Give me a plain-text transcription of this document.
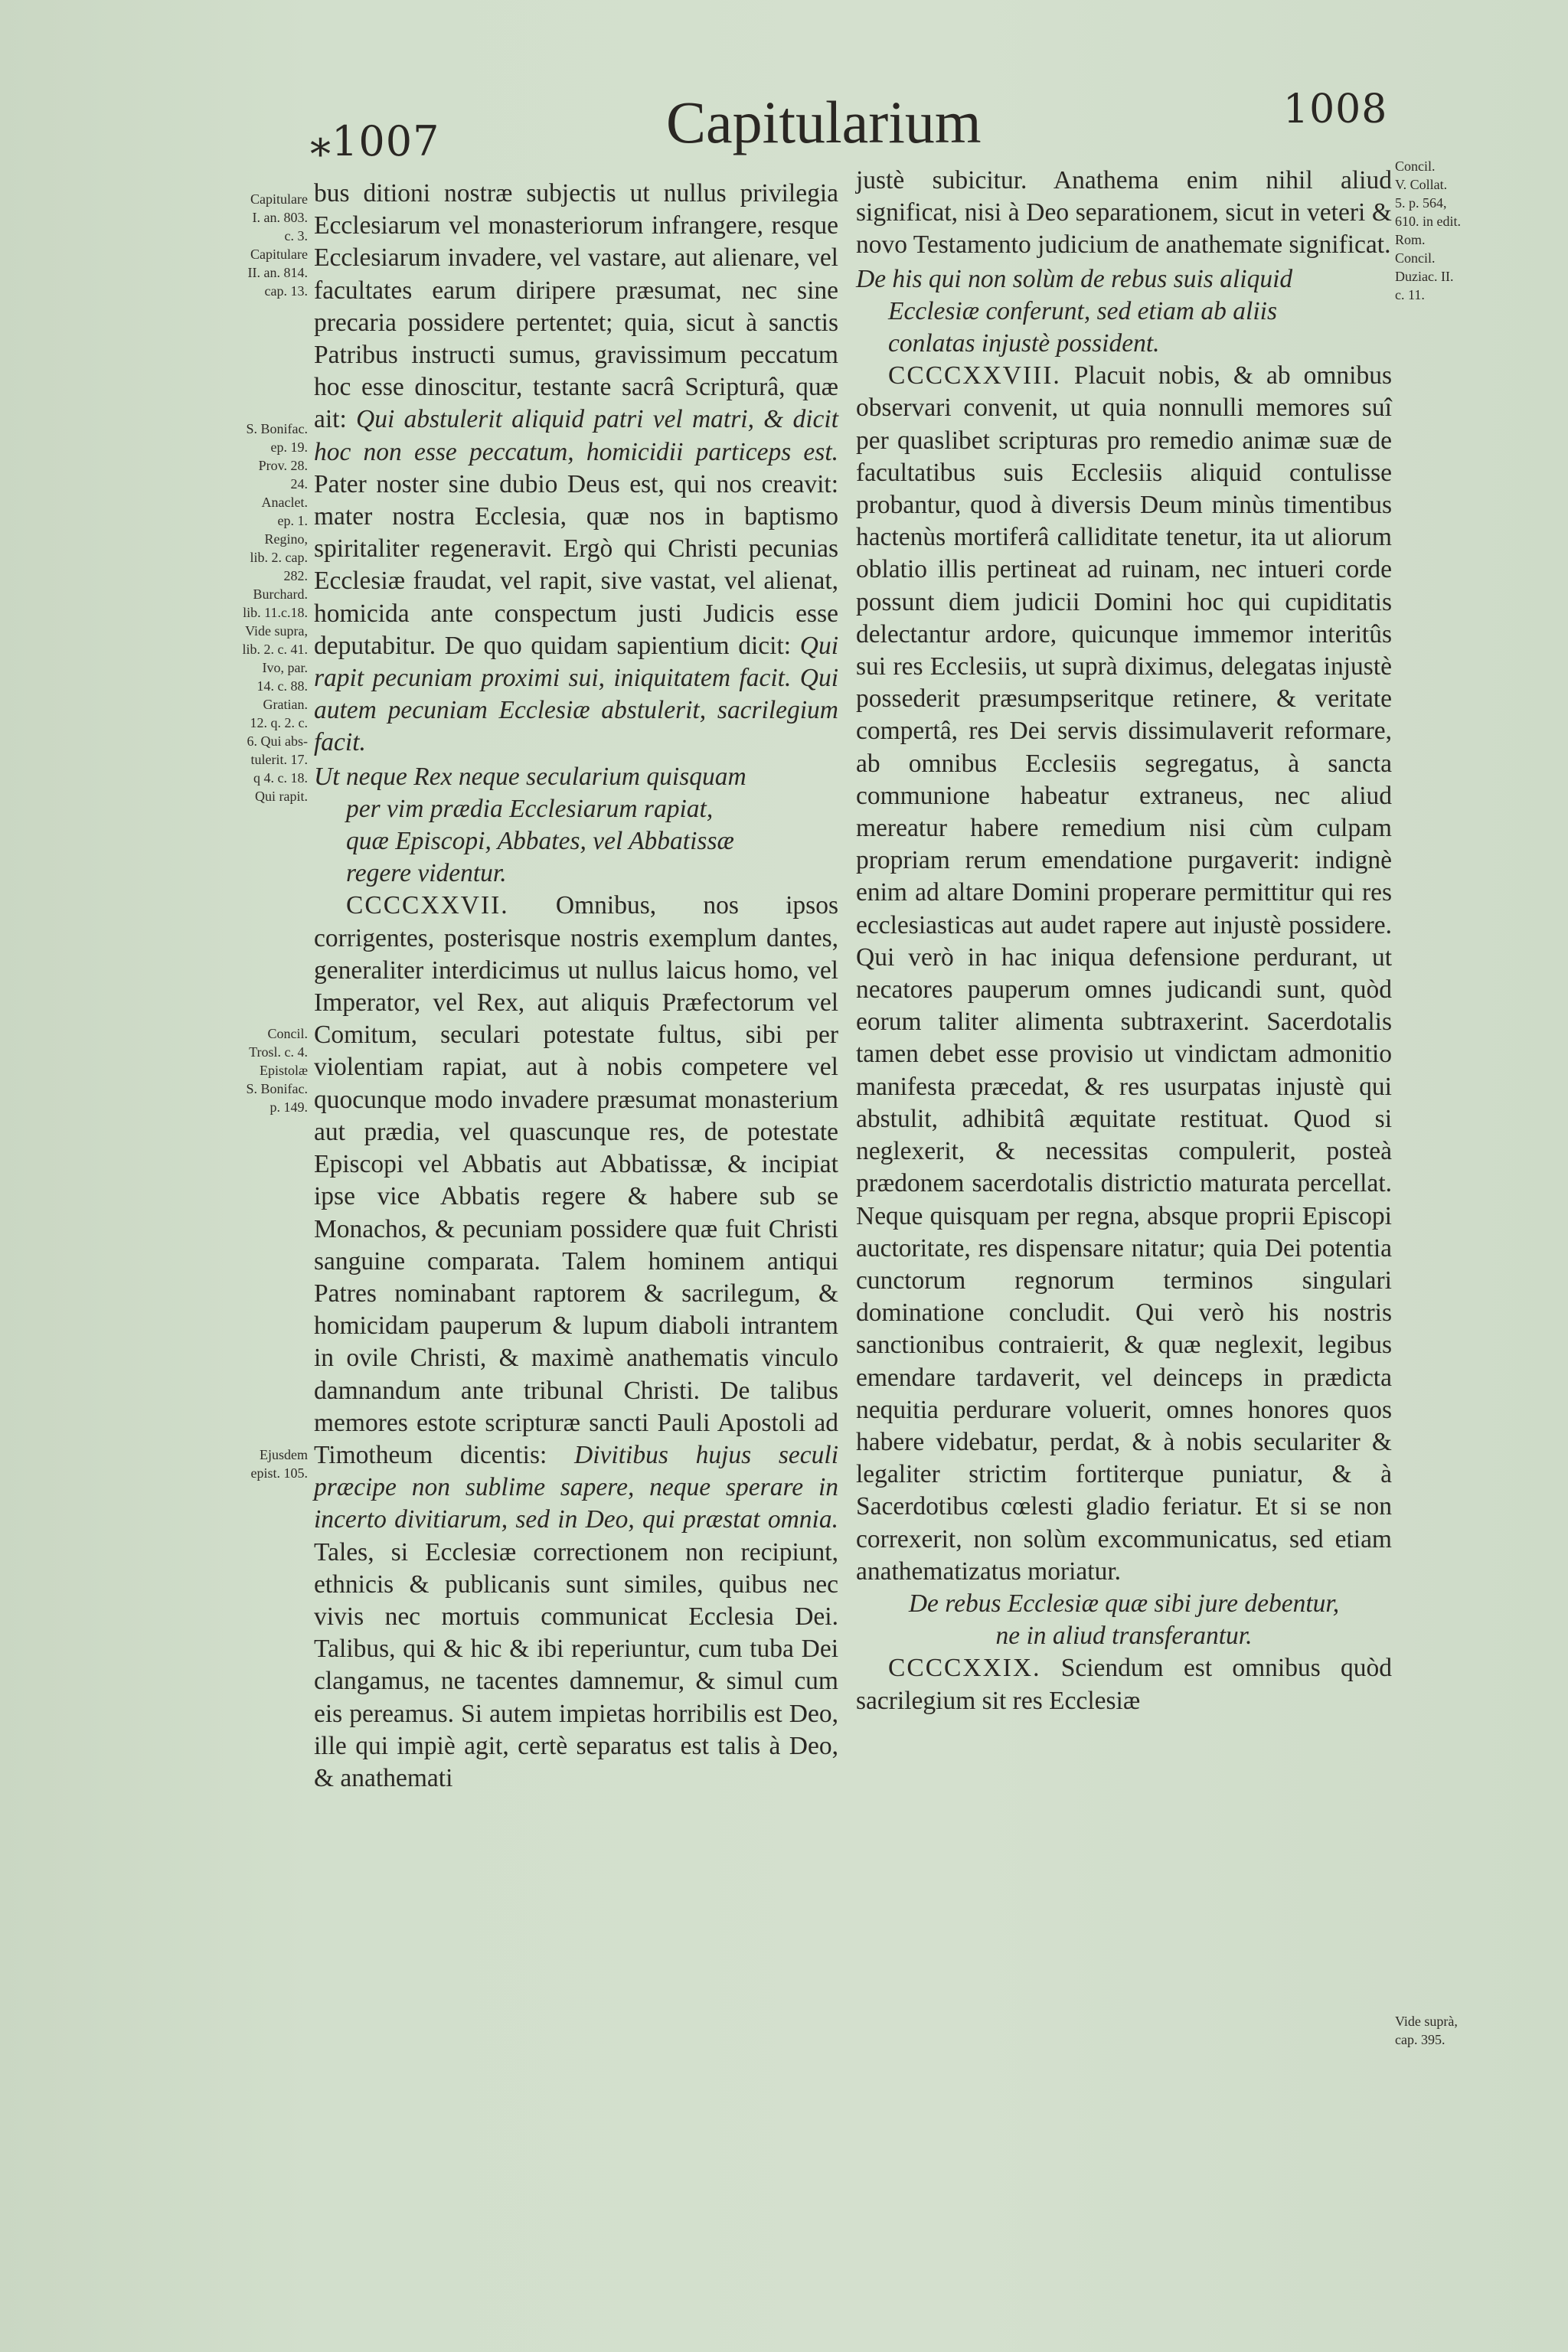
⁎1007	Capitularium	1008
Capitulare
I. an. 803.
c. 3.
Capitulare
II. an. 814.
cap. 13.
S. Bonifac.
ep. 19.
Prov. 28.
24.
Anaclet.
ep. 1.
Regino,
lib. 2. cap.
282.
Burchard.
lib. 11.c.18.
Vide supra,
lib. 2. c. 41.
Ivo, par.
14. c. 88.
Gratian.
12. q. 2. c.
6. Qui abs-
tulerit. 17.
q 4. c. 18.
Qui rapit.
Concil.
Trosl. c. 4.
Epistolæ
S. Bonifac.
p. 149.
Ejusdem
epist. 105.
Concil.
V. Collat.
5. p. 564,
610. in edit.
Rom.
Concil.
Duziac. II.
c. 11.
Vide suprà,
cap. 395.

bus ditioni nostræ subjectis ut nullus privilegia Ecclesiarum vel monasteriorum infrangere, resque Ecclesiarum invadere, vel vastare, aut alienare, vel facultates earum diripere præsumat, nec sine precaria possidere pertentet; quia, sicut à sanctis Patribus instructi sumus, gravissimum peccatum hoc esse dinoscitur, testante sacrâ Scripturâ, quæ ait: Qui abstulerit aliquid patri vel matri, & dicit hoc non esse peccatum, homicidii particeps est. Pater noster sine dubio Deus est, qui nos creavit: mater nostra Ecclesia, quæ nos in baptismo spiritaliter regeneravit. Ergò qui Christi pecunias Ecclesiæ fraudat, vel rapit, sive vastat, vel alienat, homicida ante conspectum justi Judicis esse deputabitur. De quo quidam sapientium dicit: Qui rapit pecuniam proximi sui, iniquitatem facit. Qui autem pecuniam Ecclesiæ abstulerit, sacrilegium facit.

Ut neque Rex neque secularium quisquam
per vim prædia Ecclesiarum rapiat,
quæ Episcopi, Abbates, vel Abbatissæ
regere videntur.

CCCCXXVII. Omnibus, nos ipsos corrigentes, posterisque nostris exemplum dantes, generaliter interdicimus ut nullus laicus homo, vel Imperator, vel Rex, aut aliquis Præfectorum vel Comitum, seculari potestate fultus, sibi per violentiam rapiat, aut à nobis competere vel quocunque modo invadere præsumat monasterium aut prædia, vel quascunque res, de potestate Episcopi vel Abbatis aut Abbatissæ, & incipiat ipse vice Abbatis regere & habere sub se Monachos, & pecuniam possidere quæ fuit Christi sanguine comparata. Talem hominem antiqui Patres nominabant raptorem & sacrilegum, & homicidam pauperum & lupum diaboli intrantem in ovile Christi, & maximè anathematis vinculo damnandum ante tribunal Christi. De talibus memores estote scripturæ sancti Pauli Apostoli ad Timotheum dicentis: Divitibus hujus seculi præcipe non sublime sapere, neque sperare in incerto divitiarum, sed in Deo, qui præstat omnia. Tales, si Ecclesiæ correctionem non recipiunt, ethnicis & publicanis sunt similes, quibus nec vivis nec mortuis communicat Ecclesia Dei. Talibus, qui & hic & ibi reperiuntur, cum tuba Dei clangamus, ne tacentes damnemur, & simul cum eis pereamus. Si autem impietas horribilis est Deo, ille qui impiè agit, certè separatus est talis à Deo, & anathemati

justè subicitur. Anathema enim nihil aliud significat, nisi à Deo separationem, sicut in veteri & novo Testamento judicium de anathemate significat.

De his qui non solùm de rebus suis aliquid
Ecclesiæ conferunt, sed etiam ab aliis
conlatas injustè possident.

CCCCXXVIII. Placuit nobis, & ab omnibus observari convenit, ut quia nonnulli memores suî per quaslibet scripturas pro remedio animæ suæ de facultatibus suis Ecclesiis aliquid contulisse probantur, quod à diversis Deum minùs timentibus hactenùs mortiferâ calliditate tenetur, ita ut aliorum oblatio illis pertineat ad ruinam, nec intueri corde possunt diem judicii Domini hoc qui cupiditatis delectantur ardore, quicunque immemor interitûs sui res Ecclesiis, ut suprà diximus, delegatas injustè possederit præsumpseritque retinere, & veritate compertâ, res Dei servis dissimulaverit reformare, ab omnibus Ecclesiis segregatus, à sancta communione habeatur extraneus, nec aliud mereatur habere remedium nisi cùm culpam propriam rerum emendatione purgaverit: indignè enim ad altare Domini properare permittitur qui res ecclesiasticas aut audet rapere aut injustè possidere. Qui verò in hac iniqua defensione perdurant, ut necatores pauperum omnes judicandi sunt, quòd eorum taliter alimenta subtraxerint. Sacerdotalis tamen debet esse provisio ut vindictam admonitio manifesta præcedat, & res usurpatas injustè qui abstulit, adhibitâ æquitate restituat. Quod si neglexerit, & necessitas compulerit, posteà prædonem sacerdotalis districtio maturata percellat. Neque quisquam per regna, absque proprii Episcopi auctoritate, res dispensare nitatur; quia Dei potentia cunctorum regnorum terminos singulari dominatione concludit. Qui verò his nostris sanctionibus contraierit, & quæ neglexit, legibus emendare tardaverit, vel deinceps in prædicta nequitia perdurare voluerit, omnes honores quos habere videbatur, perdat, & à nobis seculariter & legaliter strictim fortiterque puniatur, & à Sacerdotibus cœlesti gladio feriatur. Et si se non correxerit, non solùm excommunicatus, sed etiam anathematizatus moriatur.

De rebus Ecclesiæ quæ sibi jure debentur,
ne in aliud transferantur.

CCCCXXIX. Sciendum est omnibus quòd sacrilegium sit res Ecclesiæ
